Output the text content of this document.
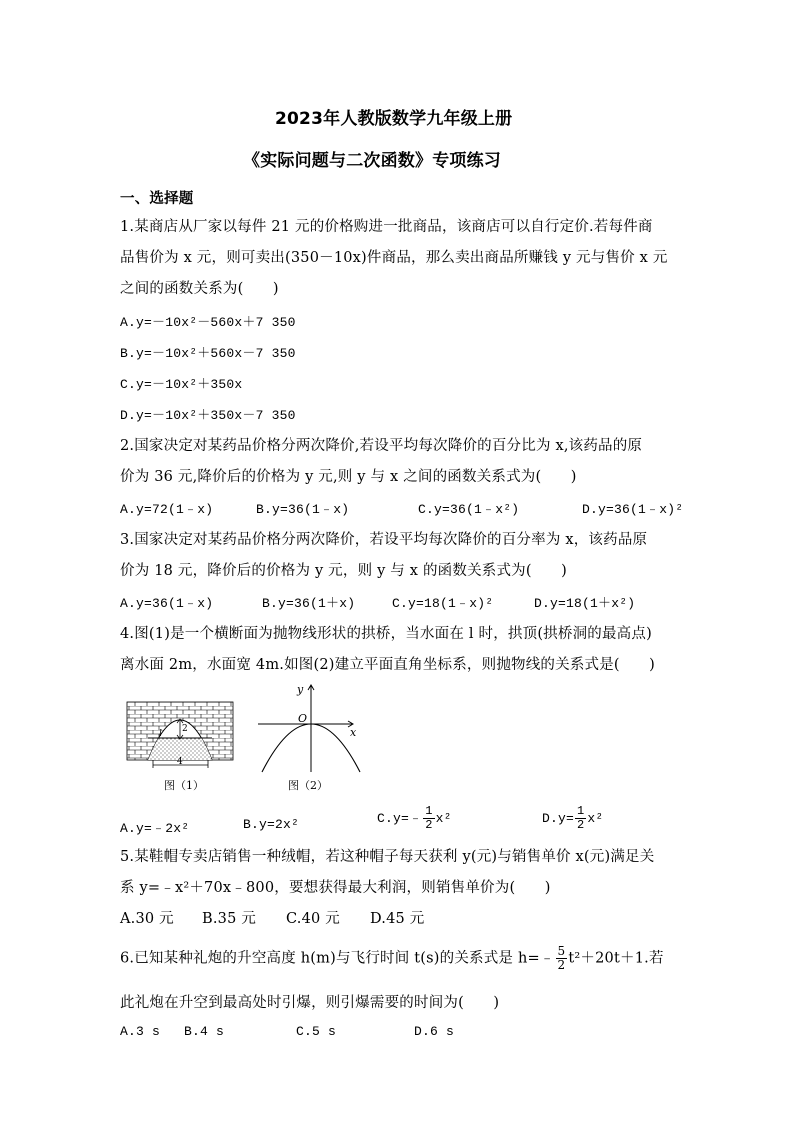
2023年人教版数学九年级上册
《实际问题与二次函数》专项练习
一、选择题
1.某商店从厂家以每件 21 元的价格购进一批商品，该商店可以自行定价.若每件商
品售价为 x 元，则可卖出(350－10x)件商品，那么卖出商品所赚钱 y 元与售价 x 元
之间的函数关系为(　　)
A.y=－10x²－560x＋7 350
B.y=－10x²＋560x－7 350
C.y=－10x²＋350x
D.y=－10x²＋350x－7 350
2.国家决定对某药品价格分两次降价,若设平均每次降价的百分比为 x,该药品的原
价为 36 元,降价后的价格为 y 元,则 y 与 x 之间的函数关系式为(　　)
A.y=72(1﹣x)	B.y=36(1﹣x)	C.y=36(1﹣x²)	D.y=36(1﹣x)²
3.国家决定对某药品价格分两次降价，若设平均每次降价的百分率为 x，该药品原
价为 18 元，降价后的价格为 y 元，则 y 与 x 的函数关系式为(　　)
A.y=36(1﹣x)	B.y=36(1＋x)	C.y=18(1﹣x)²	D.y=18(1＋x²)
4.图(1)是一个横断面为抛物线形状的拱桥，当水面在 l 时，拱顶(拱桥洞的最高点)
离水面 2m，水面宽 4m.如图(2)建立平面直角坐标系，则抛物线的关系式是(　　)
2
l
4
图（1）
x
y
O
图（2）
A.y=﹣2x²	B.y=2x²	C.y=﹣ $\frac{1}{2} x^2$	$D.y= \frac{1}{2} x^2$
5.某鞋帽专卖店销售一种绒帽，若这种帽子每天获利 y(元)与销售单价 x(元)满足关
系 y=﹣x²＋70x﹣800，要想获得最大利润，则销售单价为(　　)
A.30 元 B.35 元 C.40 元 D.45 元
6.已知某种礼炮的升空高度 h(m)与飞行时间 t(s)的关系式是 h=﹣ $\frac{5}{2} t^2+20t+1$.若
此礼炮在升空到最高处时引爆，则引爆需要的时间为(　　)
A.3 s B.4 s	C.5 s	D.6 s
